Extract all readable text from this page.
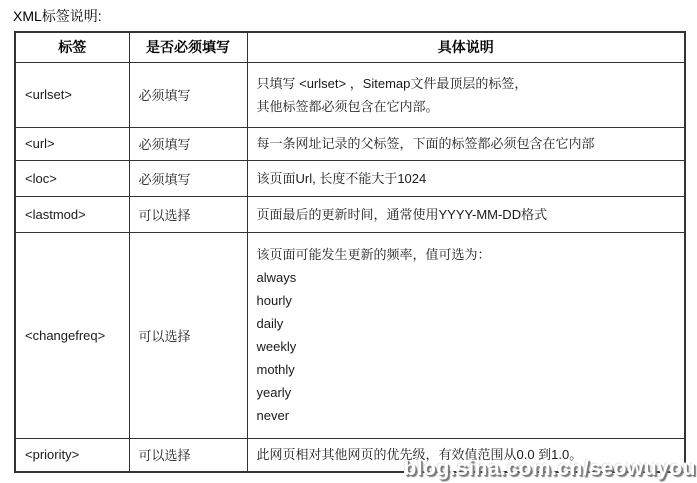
XML标签说明:
标签	是否必须填写	具体说明
<urlset>	必须填写	只填写 <urlset> ，Sitemap文件最顶层的标签，
其他标签都必须包含在它内部。

<url>	必须填写	每一条网址记录的父标签，下面的标签都必须包含在它内部

<loc>	必须填写	该页面Url, 长度不能大于1024

<lastmod>	可以选择	页面最后的更新时间，通常使用YYYY-MM-DD格式

<changefreq>	可以选择	
该页面可能发生更新的频率，值可选为：
always
hourly
daily
weekly
mothly
yearly
never

<priority>	可以选择	此网页相对其他网页的优先级，有效值范围从0.0 到1.0。
blog.sina.com.cn/seowuyou
